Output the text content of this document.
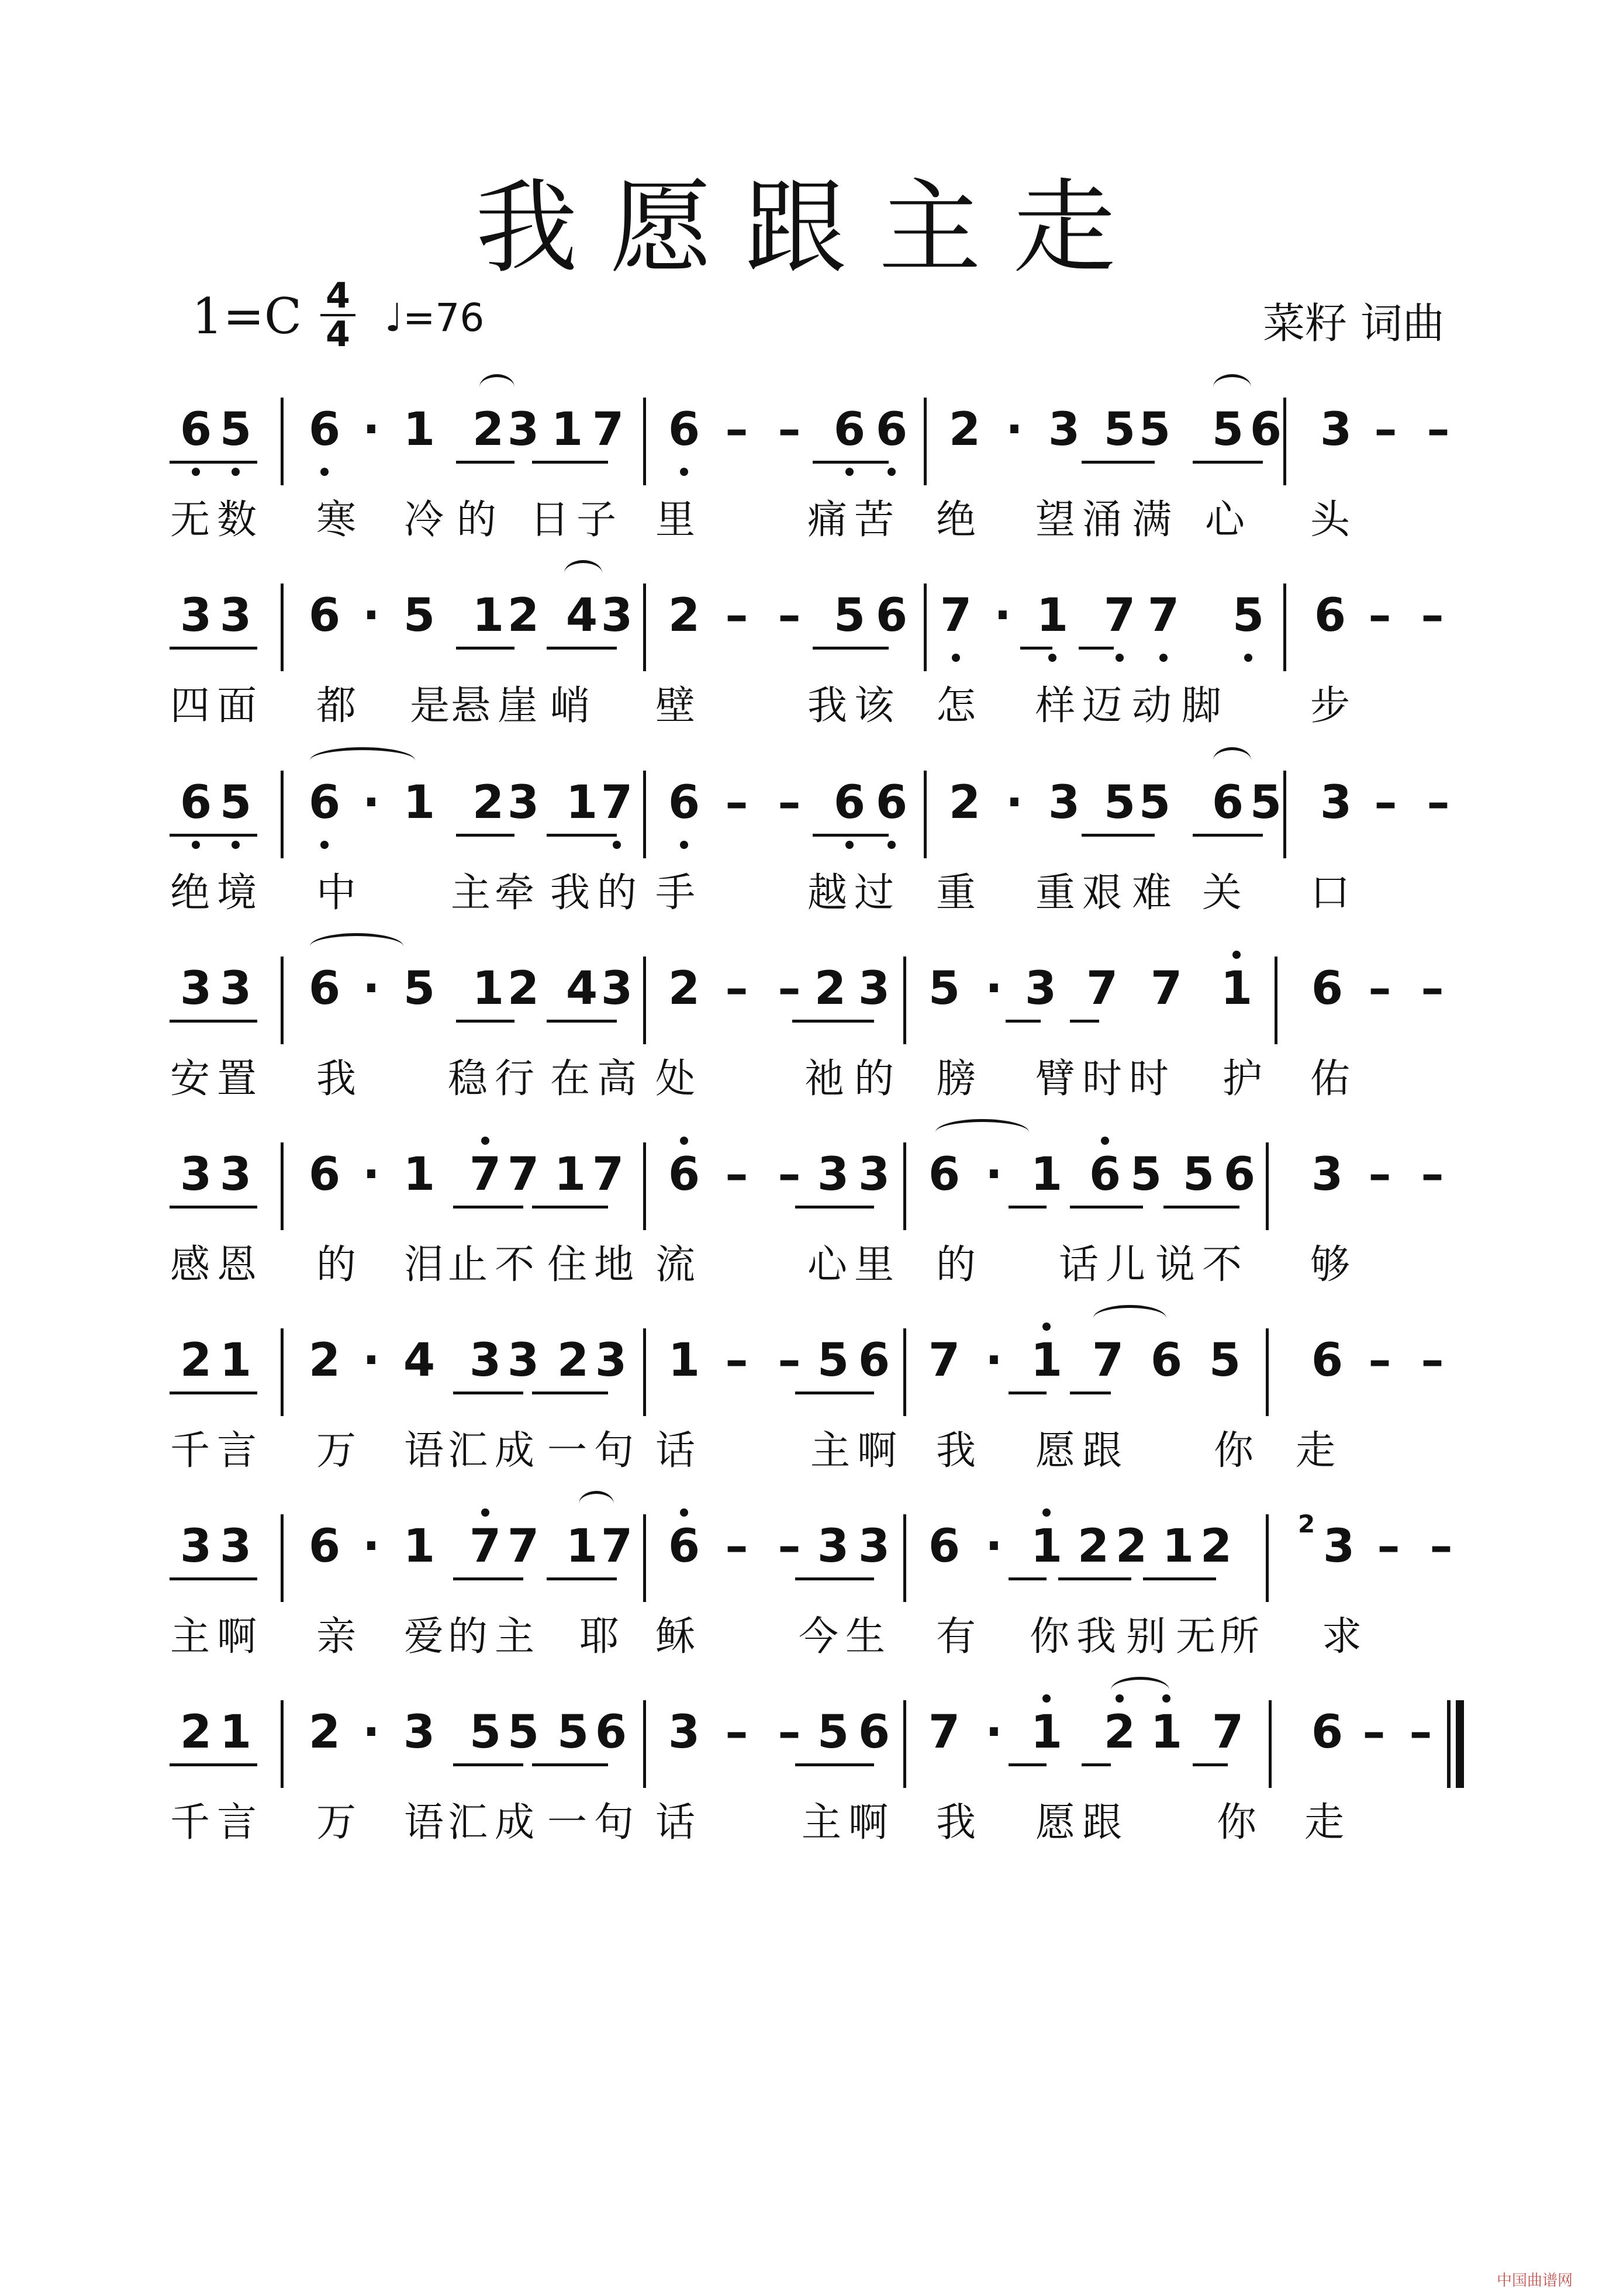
我愿跟主走
1=C 4
4 ♩=76	菜籽 词曲
6 5 6 · 1 2 3 1 7 6 – – 6 6 2 · 3 5 5 5 6 3 – –
无 数 寒 冷 的 日 子 里	痛 苦 绝 望 涌 满 心 头
3 3 6 · 5 1 2 4 3 2 – – 5 6 7 · 1 7 7 5 6 – –
四 面 都 是 悬 崖 峭 壁	我 该 怎 样 迈 动 脚 步
6 5 6 · 1 2 3 1 7 6 – – 6 6 2 · 3 5 5 6 5 3 – –
绝 境 中 主 牵 我 的 手	越 过 重 重 艰 难 关 口
3 3 6 · 5 1 2 4 3 2 – – 2 3 5 · 3 7 7 1 6 – –
安 置 我 稳 行 在 高 处	祂 的 膀 臂 时 时 护 佑
3 3 6 · 1 7 7 1 7 6 – – 3 3 6 · 1 6 5 5 6 3 – –
感 恩 的 泪 止 不 住 地 流	心 里 的 话 儿 说 不 够
2 1 2 · 4 3 3 2 3 1 – – 5 6 7 · 1 7 6 5 6 – –
千 言 万 语 汇 成 一 句 话	主 啊 我 愿 跟 你 走
3 3 6 · 1 7 7 1 7 6 – – 3 3 6 · 1 2 2 1 2 3 – –
2
主 啊 亲 爱 的 主 耶 稣	今 生 有 你 我 别 无 所 求
2 1 2 · 3 5 5 5 6 3 – – 5 6 7 · 1 2 1 7 6 – –
千 言 万 语 汇 成 一 句 话	主 啊 我 愿 跟 你 走
中国曲谱网
